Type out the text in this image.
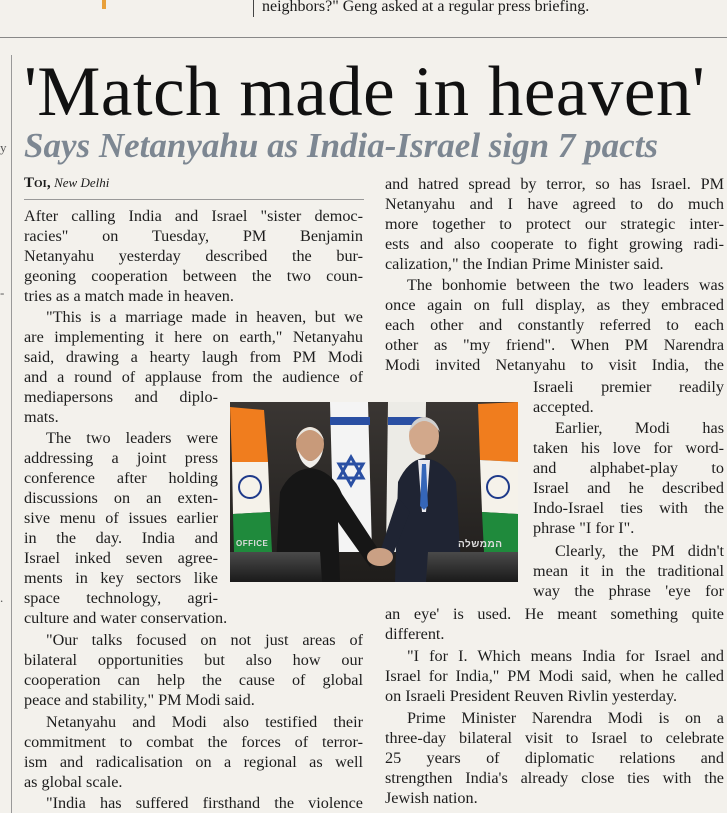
neighbors?" Geng asked at a regular press briefing.
y
-
.
'Match made in heaven'
Says Netanyahu as India-Israel sign 7 pacts
Toi, New Delhi
After calling India and Israel "sister democ-
racies" on Tuesday, PM Benjamin
Netanyahu yesterday described the bur-
geoning cooperation between the two coun-
tries as a match made in heaven.
"This is a marriage made in heaven, but we
are implementing it here on earth," Netanyahu
said, drawing a hearty laugh from PM Modi
and a round of applause from the audience of
mediapersons and diplo-
mats.
The two leaders were
addressing a joint press
conference after holding
discussions on an exten-
sive menu of issues earlier
in the day. India and
Israel inked seven agree-
ments in key sectors like
space technology, agri-
culture and water conservation.
"Our talks focused on not just areas of
bilateral opportunities but also how our
cooperation can help the cause of global
peace and stability," PM Modi said.
Netanyahu and Modi also testified their
commitment to combat the forces of terror-
ism and radicalisation on a regional as well
as global scale.
"India has suffered firsthand the violence
and hatred spread by terror, so has Israel. PM
Netanyahu and I have agreed to do much
more together to protect our strategic inter-
ests and also cooperate to fight growing radi-
calization," the Indian Prime Minister said.
The bonhomie between the two leaders was
once again on full display, as they embraced
each other and constantly referred to each
other as "my friend". When PM Narendra
Modi invited Netanyahu to visit India, the
Israeli premier readily
accepted.
Earlier, Modi has
taken his love for word-
and alphabet-play to
Israel and he described
Indo-Israel ties with the
phrase "I for I".
Clearly, the PM didn't
mean it in the traditional
way the phrase 'eye for
an eye' is used. He meant something quite
different.
"I for I. Which means India for Israel and
Israel for India," PM Modi said, when he called
on Israeli President Reuven Rivlin yesterday.
Prime Minister Narendra Modi is on a
three-day bilateral visit to Israel to celebrate
25 years of diplomatic relations and
strengthen India's already close ties with the
Jewish nation.
OFFICE	הממשלה
